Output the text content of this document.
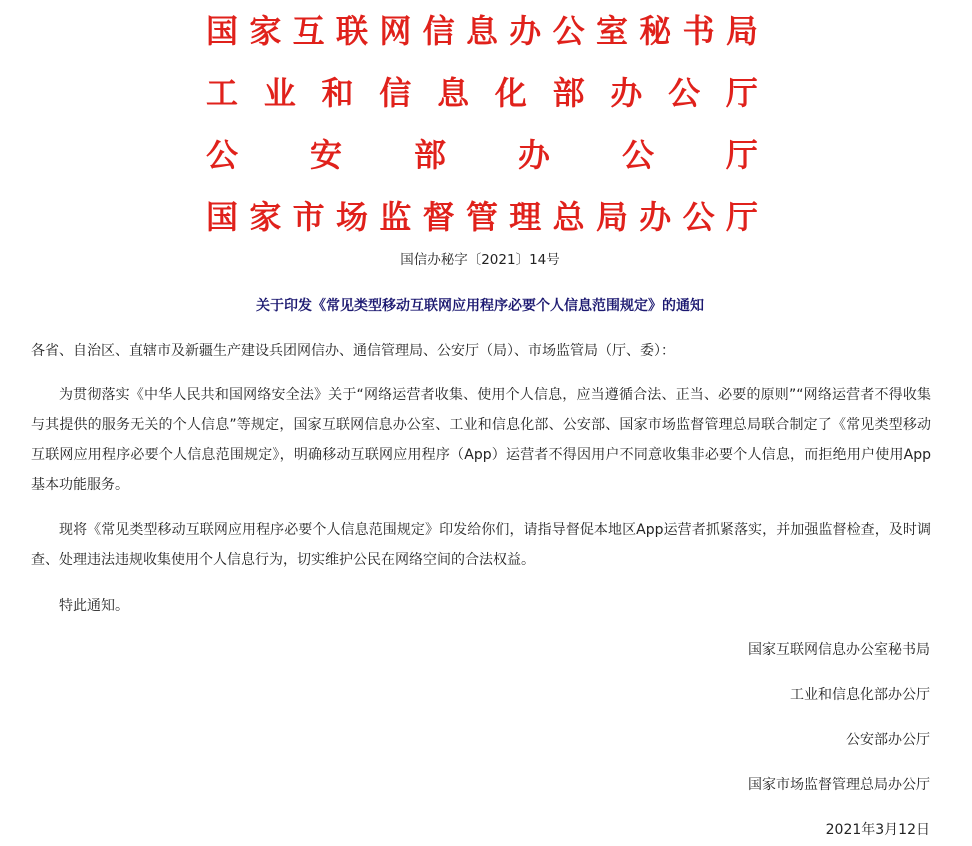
国 家 互 联 网 信 息 办 公 室 秘 书 局
工 业 和 信 息 化 部 办 公 厅
公 安 部 办 公 厅
国 家 市 场 监 督 管 理 总 局 办 公 厅
国信办秘字〔2021〕14号
关于印发《常见类型移动互联网应用程序必要个人信息范围规定》的通知
各省、自治区、直辖市及新疆生产建设兵团网信办、通信管理局、公安厅（局）、市场监管局（厅、委）：
为贯彻落实《中华人民共和国网络安全法》关于“网络运营者收集、使用个人信息，应当遵循合法、正当、必要的原则”“网络运营者不得收集与其提供的服务无关的个人信息”等规定，国家互联网信息办公室、工业和信息化部、公安部、国家市场监督管理总局联合制定了《常见类型移动互联网应用程序必要个人信息范围规定》，明确移动互联网应用程序（App）运营者不得因用户不同意收集非必要个人信息，而拒绝用户使用App基本功能服务。
现将《常见类型移动互联网应用程序必要个人信息范围规定》印发给你们，请指导督促本地区App运营者抓紧落实，并加强监督检查，及时调查、处理违法违规收集使用个人信息行为，切实维护公民在网络空间的合法权益。
特此通知。
国家互联网信息办公室秘书局
工业和信息化部办公厅
公安部办公厅
国家市场监督管理总局办公厅
2021年3月12日
